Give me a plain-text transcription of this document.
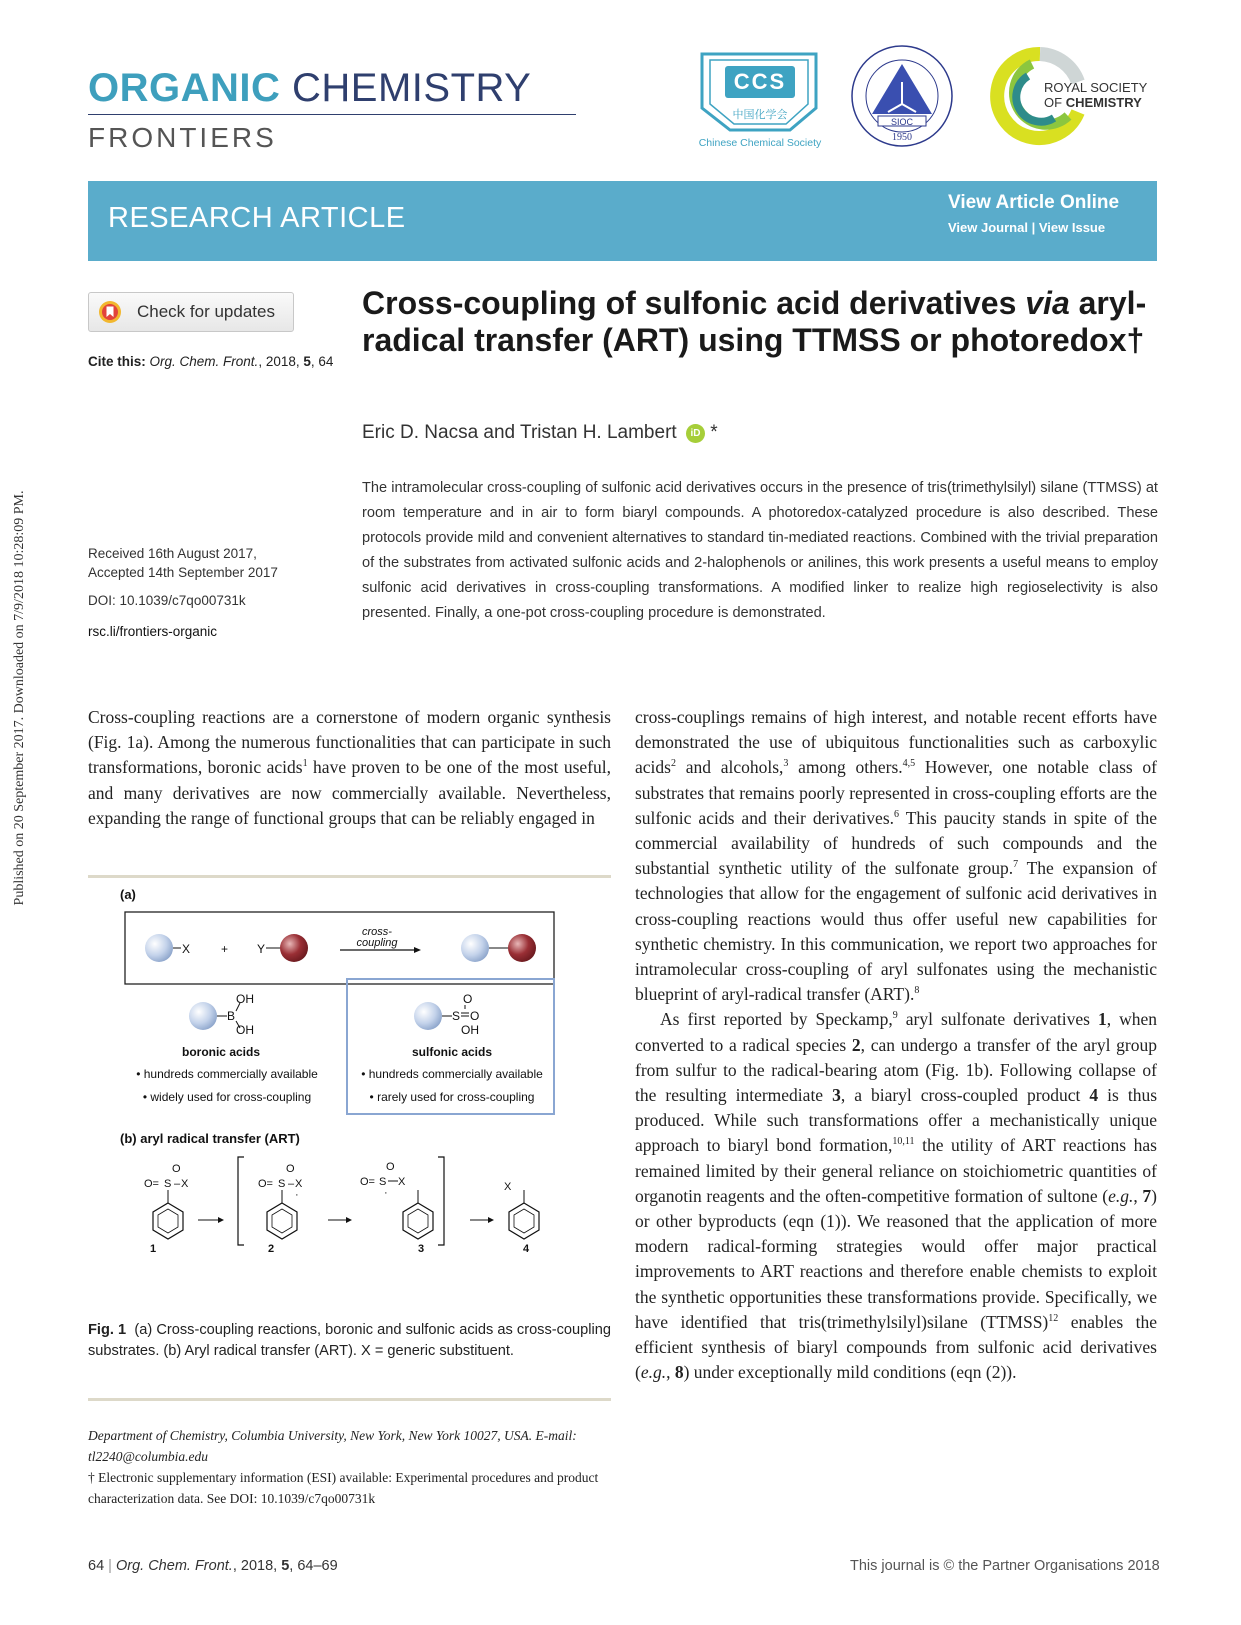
Published on 20 September 2017. Downloaded on 7/9/2018 10:28:09 PM.
ORGANIC CHEMISTRY
FRONTIERS
CCS
中国化学会
Chinese Chemical Society
SIOC
1950
ROYAL SOCIETY
OF CHEMISTRY
RESEARCH ARTICLE	View Article Online
View Journal | View Issue
Check for updates
Cite this: Org. Chem. Front., 2018, 5, 64
Received 16th August 2017,
Accepted 14th September 2017
DOI: 10.1039/c7qo00731k
rsc.li/frontiers-organic
Cross-coupling of sulfonic acid derivatives via aryl-radical transfer (ART) using TTMSS or photoredox†
Eric D. Nacsa and Tristan H. Lambert iD *
The intramolecular cross-coupling of sulfonic acid derivatives occurs in the presence of tris(trimethylsilyl) silane (TTMSS) at room temperature and in air to form biaryl compounds. A photoredox-catalyzed procedure is also described. These protocols provide mild and convenient alternatives to standard tin-mediated reactions. Combined with the trivial preparation of the substrates from activated sulfonic acids and 2-halophenols or anilines, this work presents a useful means to employ sulfonic acid derivatives in cross-coupling transformations. A modified linker to realize high regioselectivity is also presented. Finally, a one-pot cross-coupling procedure is demonstrated.

Cross-coupling reactions are a cornerstone of modern organic synthesis (Fig. 1a). Among the numerous functionalities that can participate in such transformations, boronic acids$^1$ have proven to be one of the most useful, and many derivatives are now commercially available. Nevertheless, expanding the range of functional groups that can be reliably engaged in

(a)
X	+ Y
cross-
coupling
B
OH
OH
boronic acids
• hundreds commercially available
• widely used for cross-coupling
S
O
O
OH
sulfonic acids
• hundreds commercially available
• rarely used for cross-coupling
(b) aryl radical transfer (ART)
O
O= S – X
1
O
O= S – X
·
2
O
O= S
·
X
3
X
4
Fig. 1 (a) Cross-coupling reactions, boronic and sulfonic acids as cross-coupling substrates. (b) Aryl radical transfer (ART). X = generic substituent.
Department of Chemistry, Columbia University, New York, New York 10027, USA. E-mail: tl2240@columbia.edu
† Electronic supplementary information (ESI) available: Experimental procedures and product characterization data. See DOI: 10.1039/c7qo00731k

cross-couplings remains of high interest, and notable recent efforts have demonstrated the use of ubiquitous functionalities such as carboxylic acids$^2$ and alcohols,$^3$ among others.$^{4,5}$ However, one notable class of substrates that remains poorly represented in cross-coupling efforts are the sulfonic acids and their derivatives.$^6$ This paucity stands in spite of the commercial availability of hundreds of such compounds and the substantial synthetic utility of the sulfonate group.$^7$ The expansion of technologies that allow for the engagement of sulfonic acid derivatives in cross-coupling reactions would thus offer useful new capabilities for synthetic chemistry. In this communication, we report two approaches for intramolecular cross-coupling of aryl sulfonates using the mechanistic blueprint of aryl-radical transfer (ART).$^8$

As first reported by Speckamp,$^9$ aryl sulfonate derivatives 1, when converted to a radical species 2, can undergo a transfer of the aryl group from sulfur to the radical-bearing atom (Fig. 1b). Following collapse of the resulting intermediate 3, a biaryl cross-coupled product 4 is thus produced. While such transformations offer a mechanistically unique approach to biaryl bond formation,$^{10,11}$ the utility of ART reactions has remained limited by their general reliance on stoichiometric quantities of organotin reagents and the often-competitive formation of sultone (e.g., 7) or other byproducts (eqn (1)). We reasoned that the application of more modern radical-forming strategies would offer major practical improvements to ART reactions and therefore enable chemists to exploit the synthetic opportunities these transformations provide. Specifically, we have identified that tris(trimethylsilyl)silane (TTMSS)$^{12}$ enables the efficient synthesis of biaryl compounds from sulfonic acid derivatives (e.g., 8) under exceptionally mild conditions (eqn (2)).

64 | Org. Chem. Front., 2018, 5, 64–69	This journal is © the Partner Organisations 2018
